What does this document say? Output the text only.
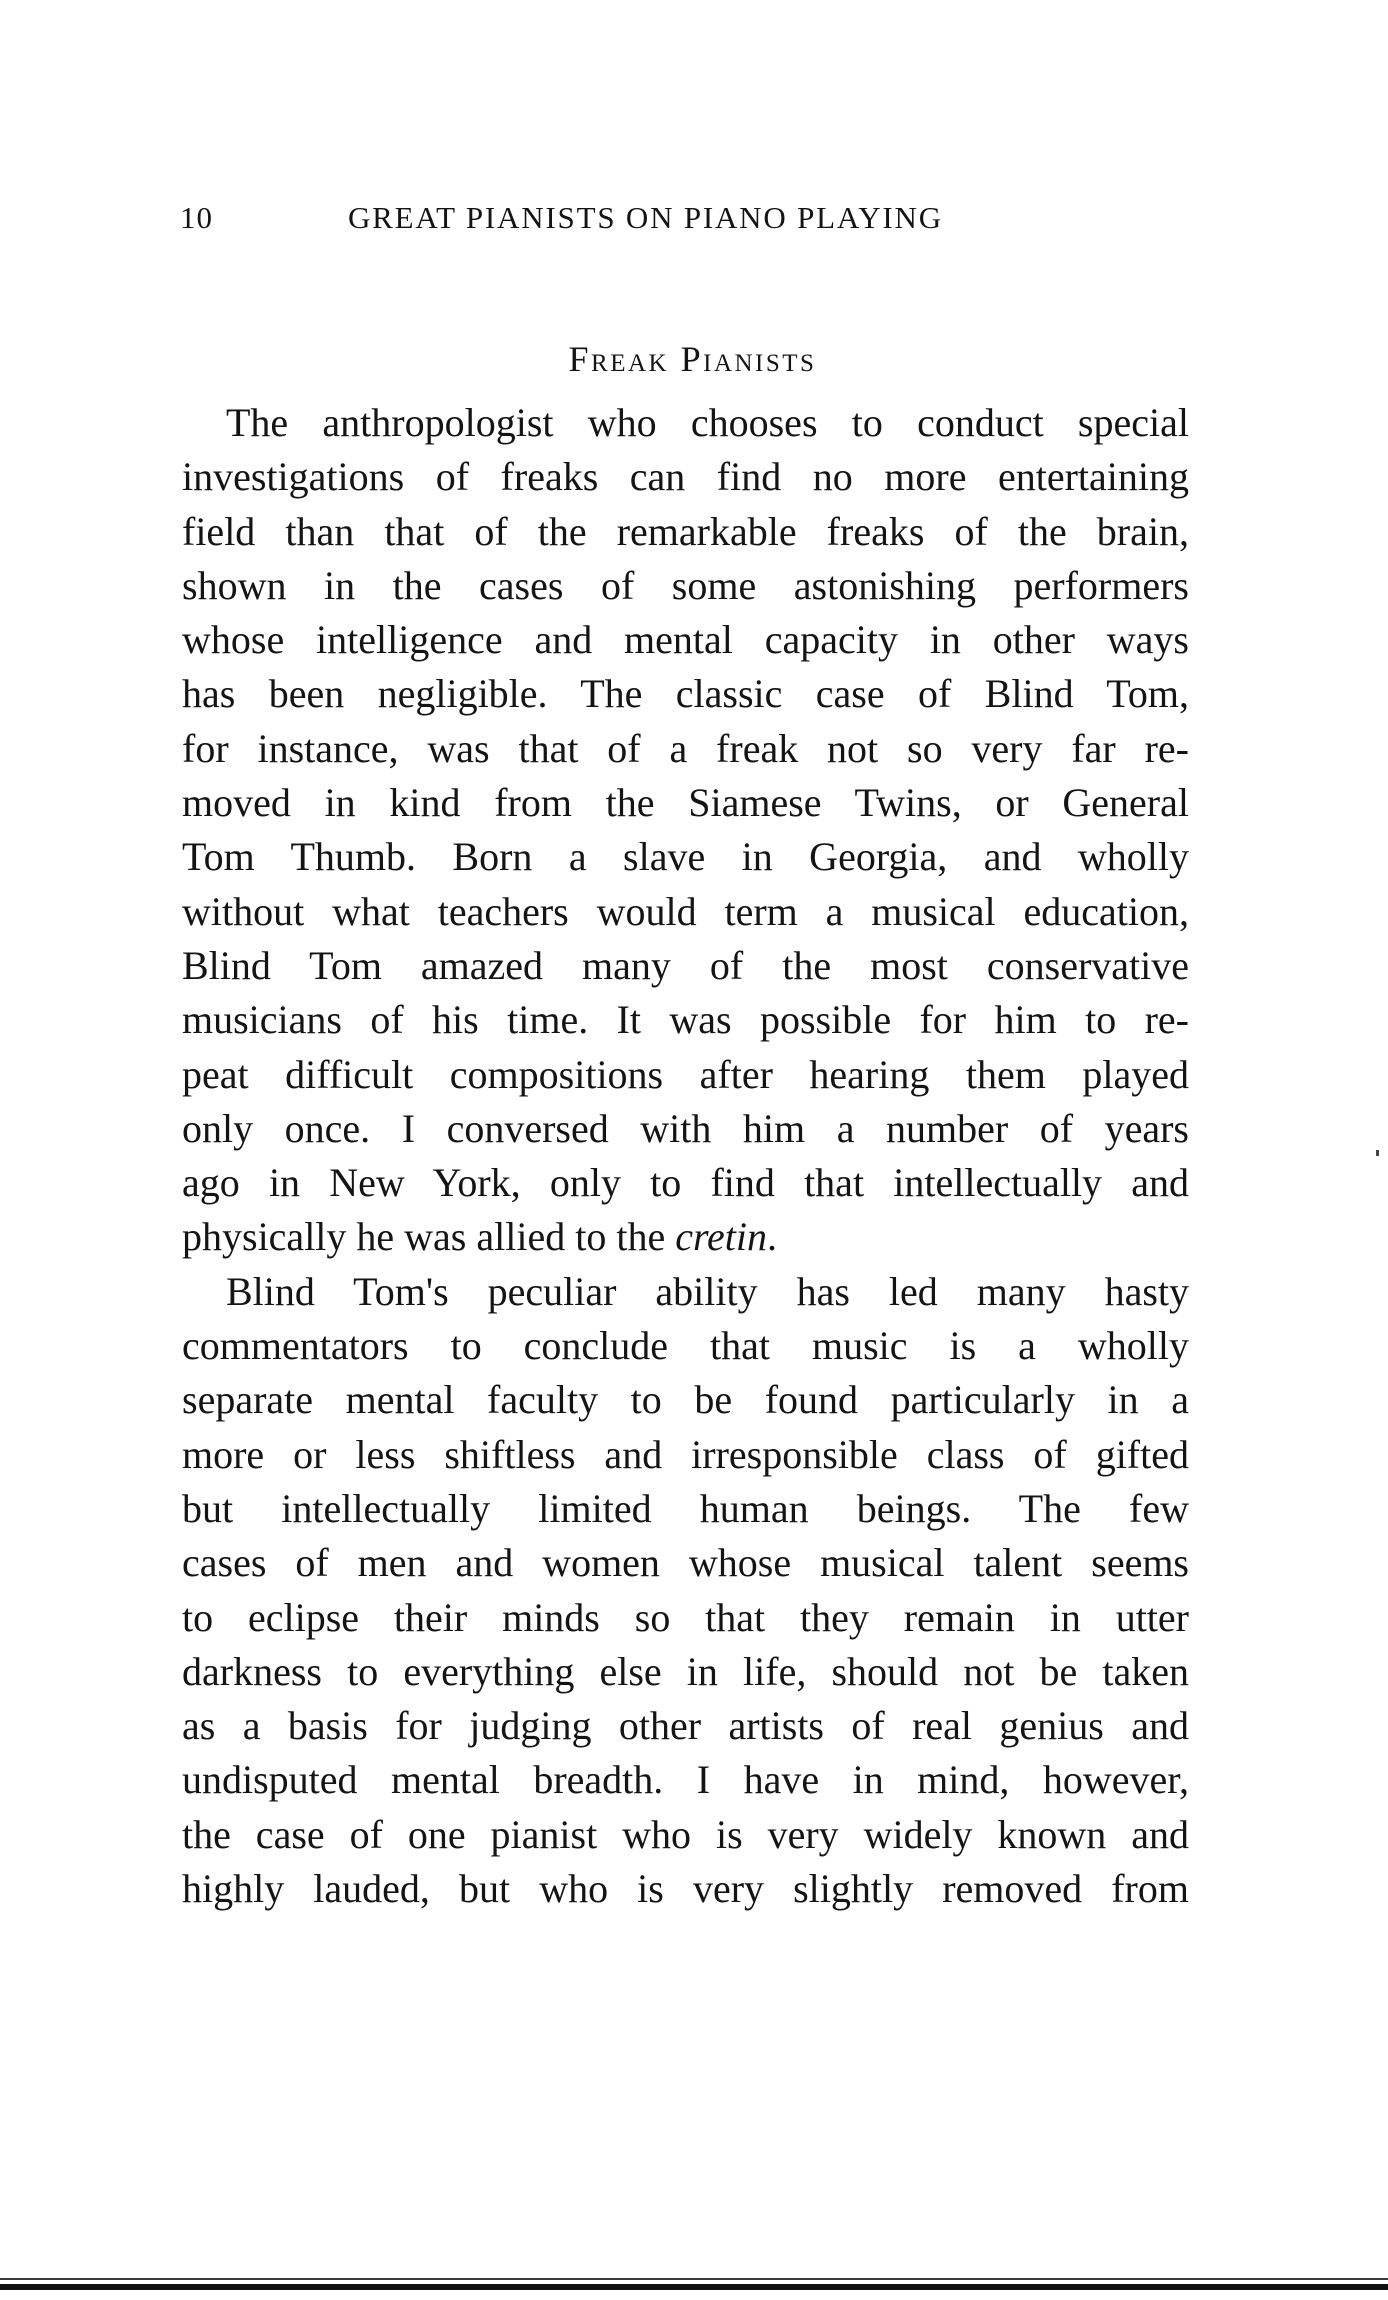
10	GREAT PIANISTS ON PIANO PLAYING
Freak Pianists
The anthropologist who chooses to conduct special
investigations of freaks can find no more entertaining
field than that of the remarkable freaks of the brain,
shown in the cases of some astonishing performers
whose intelligence and mental capacity in other ways
has been negligible. The classic case of Blind Tom,
for instance, was that of a freak not so very far re-
moved in kind from the Siamese Twins, or General
Tom Thumb. Born a slave in Georgia, and wholly
without what teachers would term a musical education,
Blind Tom amazed many of the most conservative
musicians of his time. It was possible for him to re-
peat difficult compositions after hearing them played
only once. I conversed with him a number of years
ago in New York, only to find that intellectually and
physically he was allied to the cretin.
Blind Tom's peculiar ability has led many hasty
commentators to conclude that music is a wholly
separate mental faculty to be found particularly in a
more or less shiftless and irresponsible class of gifted
but intellectually limited human beings. The few
cases of men and women whose musical talent seems
to eclipse their minds so that they remain in utter
darkness to everything else in life, should not be taken
as a basis for judging other artists of real genius and
undisputed mental breadth. I have in mind, however,
the case of one pianist who is very widely known and
highly lauded, but who is very slightly removed from
